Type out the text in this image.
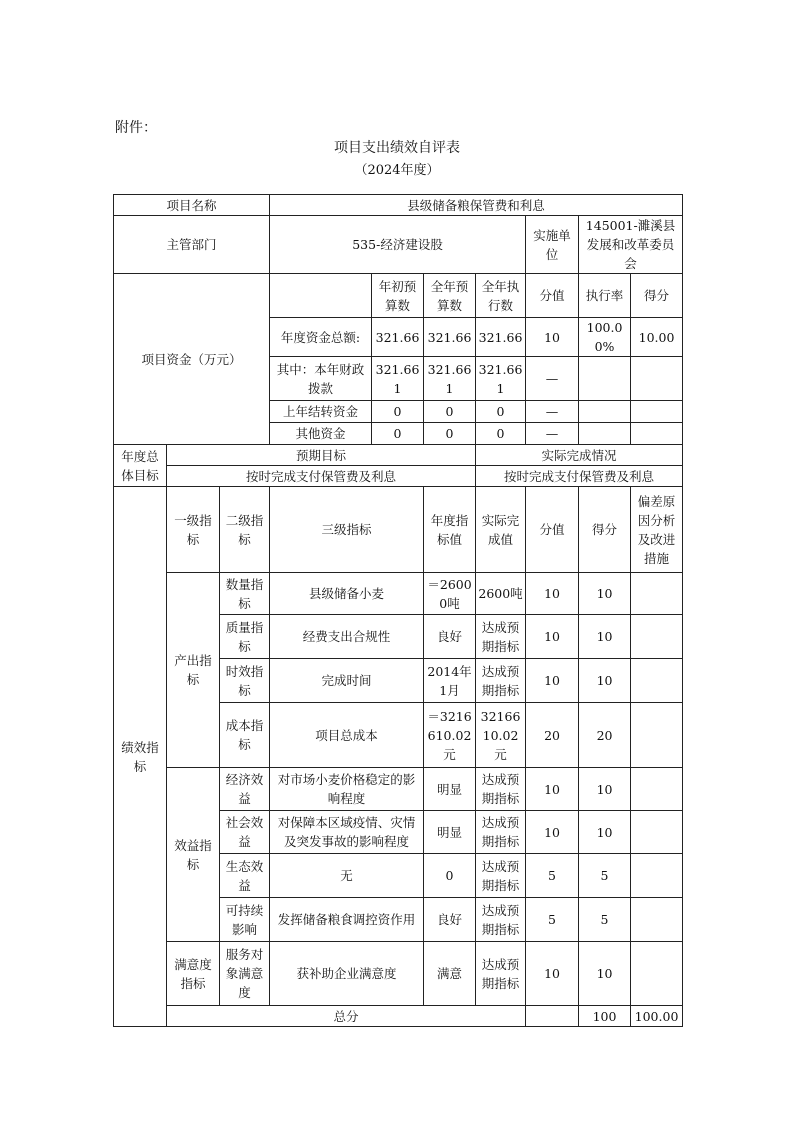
附件：
项目支出绩效自评表
（2024年度）
项目名称			县级储备粮保管费和利息							
主管部门			535-经济建设股				实施单位	145001-濉溪县发展和改革委员会		
项目资金（万元）				年初预算数	全年预算数	全年执行数	分值	执行率	得分	
			年度资金总额:	321.66	321.66	321.66	10	100.00%	10.00	
			其中：本年财政拨款	321.661	321.661	321.661	—			
			上年结转资金	0	0	0	—			
			其他资金	0	0	0	—			
年度总体目标	预期目标					实际完成情况				
	按时完成支付保管费及利息					按时完成支付保管费及利息				
绩效指标	一级指标	二级指标	三级指标		年度指标值	实际完成值	分值	得分	偏差原因分析及改进措施	
	产出指标	数量指标	县级储备小麦		＝26000吨	2600吨	10	10		
		质量指标	经费支出合规性		良好	达成预期指标	10	10		
		时效指标	完成时间		2014年1月	达成预期指标	10	10		
		成本指标	项目总成本		＝3216610.02元	3216610.02元	20	20		
	效益指标	经济效益	对市场小麦价格稳定的影响程度		明显	达成预期指标	10	10		
		社会效益	对保障本区域疫情、灾情及突发事故的影响程度		明显	达成预期指标	10	10		
		生态效益	无		0	达成预期指标	5	5		
		可持续影响	发挥储备粮食调控资作用		良好	达成预期指标	5	5		
	满意度指标	服务对象满意度	获补助企业满意度		满意	达成预期指标	10	10		
	总分							100	100.00	
